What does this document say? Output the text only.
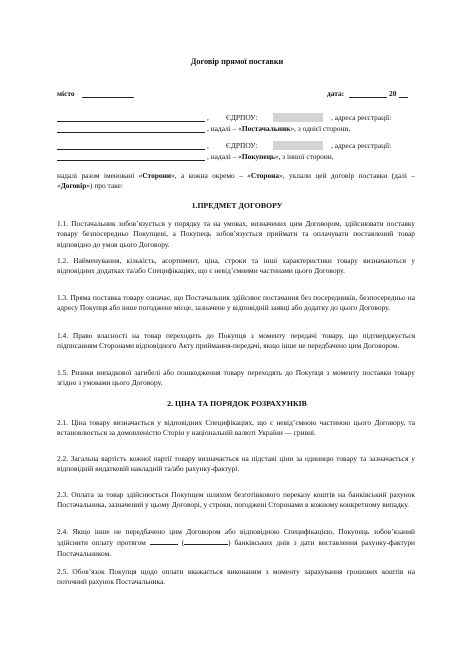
Договір прямої поставки
місто	дата:	20
, ЄДРПОУ:	, адреса реєстрації:
, надалі – «Постачальник», з однієї сторони,
, ЄДРПОУ:	, адреса реєстрації:
, надалі – «Покупець», з іншої сторони,
надалі разом іменовані «Сторони», а кожна окремо – «Сторона», уклали цей договір поставки (далі – «Договір») про таке:
1.ПРЕДМЕТ ДОГОВОРУ
1.1. Постачальник зобов’язується у порядку та на умовах, визначених цим Договором, здійснювати поставку товару безпосередньо Покупцеві, а Покупець зобов’язується приймати та оплачувати поставлений товар відповідно до умов цього Договору.
1.2. Найменування, кількість, асортимент, ціна, строки та інші характеристики товару визначаються у відповідних додатках та/або Специфікаціях, що є невід’ємними частинами цього Договору.
1.3. Пряма поставка товару означає, що Постачальник здійснює постачання без посередників, безпосередньо на адресу Покупця або інше погоджене місце, зазначене у відповідній заявці або додатку до цього Договору.
1.4. Право власності на товар переходить до Покупця з моменту передачі товару, що підтверджується підписанням Сторонами відповідного Акту приймання-передачі, якщо інше не передбачено цим Договором.
1.5. Ризики випадкової загибелі або пошкодження товару переходять до Покупця з моменту поставки товару згідно з умовами цього Договору.
2. ЦІНА ТА ПОРЯДОК РОЗРАХУНКІВ
2.1. Ціна товару визначається у відповідних Специфікаціях, що є невід’ємною частиною цього Договору, та встановлюється за домовленістю Сторін у національній валюті України — гривні.
2.2. Загальна вартість кожної партії товару визначається на підставі ціни за одиницю товару та зазначається у відповідній видатковій накладній та/або рахунку-фактурі.
2.3. Оплата за товар здійснюється Покупцем шляхом безготівкового переказу коштів на банківський рахунок Постачальника, зазначений у цьому Договорі, у строки, погоджені Сторонами в кожному конкретному випадку.
2.4. Якщо інше не передбачено цим Договором або відповідною Специфікацією, Покупець зобов’язаний здійснити оплату протягом	(	) банківських днів з дати виставлення рахунку-фактури Постачальником.
2.5. Обов’язок Покупця щодо оплати вважається виконаним з моменту зарахування грошових коштів на поточний рахунок Постачальника.
